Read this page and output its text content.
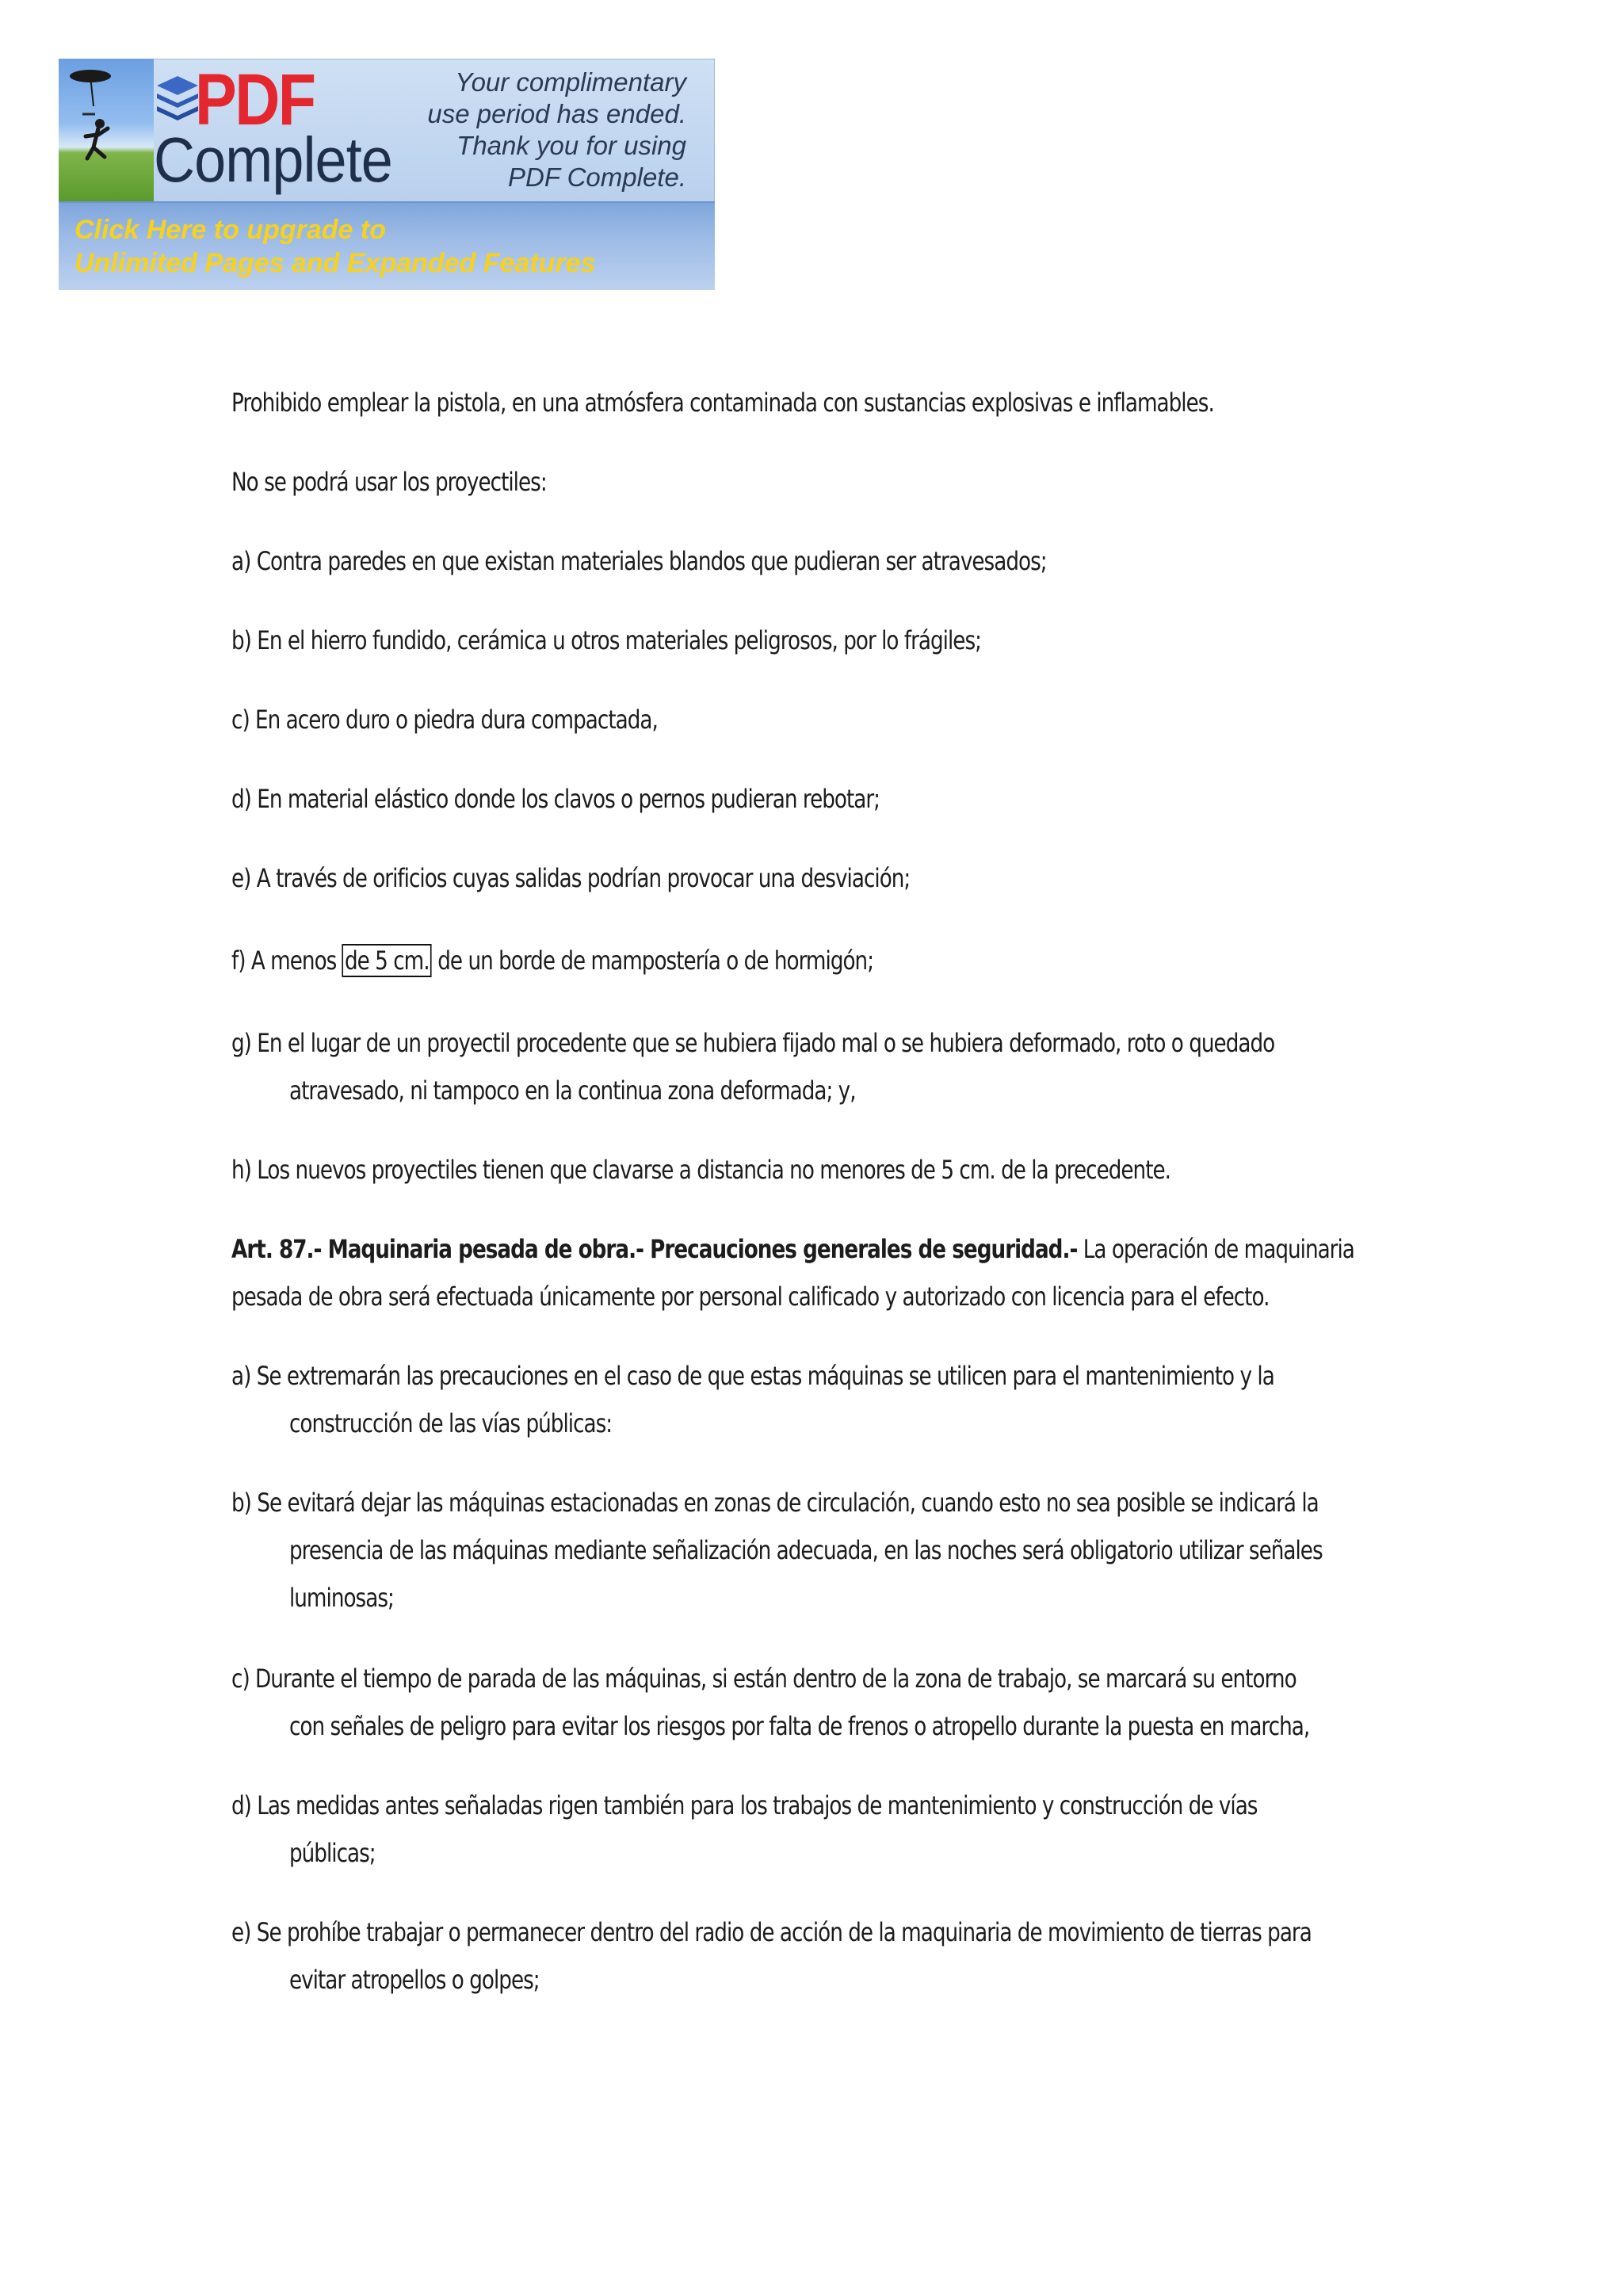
PDF
Complete
Your complimentary
use period has ended.
Thank you for using
PDF Complete.
Click Here to upgrade to
Unlimited Pages and Expanded Features
Prohibido emplear la pistola, en una atmósfera contaminada con sustancias explosivas e inflamables.
No se podrá usar los proyectiles:
a) Contra paredes en que existan materiales blandos que pudieran ser atravesados;
b) En el hierro fundido, cerámica u otros materiales peligrosos, por lo frágiles;
c) En acero duro o piedra dura compactada,
d) En material elástico donde los clavos o pernos pudieran rebotar;
e) A través de orificios cuyas salidas podrían provocar una desviación;
f) A menos de 5 cm. de un borde de mampostería o de hormigón;
g) En el lugar de un proyectil procedente que se hubiera fijado mal o se hubiera deformado, roto o quedado
atravesado, ni tampoco en la continua zona deformada; y,
h) Los nuevos proyectiles tienen que clavarse a distancia no menores de 5 cm. de la precedente.
Art. 87.- Maquinaria pesada de obra.- Precauciones generales de seguridad.- La operación de maquinaria
pesada de obra será efectuada únicamente por personal calificado y autorizado con licencia para el efecto.
a) Se extremarán las precauciones en el caso de que estas máquinas se utilicen para el mantenimiento y la
construcción de las vías públicas:
b) Se evitará dejar las máquinas estacionadas en zonas de circulación, cuando esto no sea posible se indicará la
presencia de las máquinas mediante señalización adecuada, en las noches será obligatorio utilizar señales
luminosas;
c) Durante el tiempo de parada de las máquinas, si están dentro de la zona de trabajo, se marcará su entorno
con señales de peligro para evitar los riesgos por falta de frenos o atropello durante la puesta en marcha,
d) Las medidas antes señaladas rigen también para los trabajos de mantenimiento y construcción de vías
públicas;
e) Se prohíbe trabajar o permanecer dentro del radio de acción de la maquinaria de movimiento de tierras para
evitar atropellos o golpes;
